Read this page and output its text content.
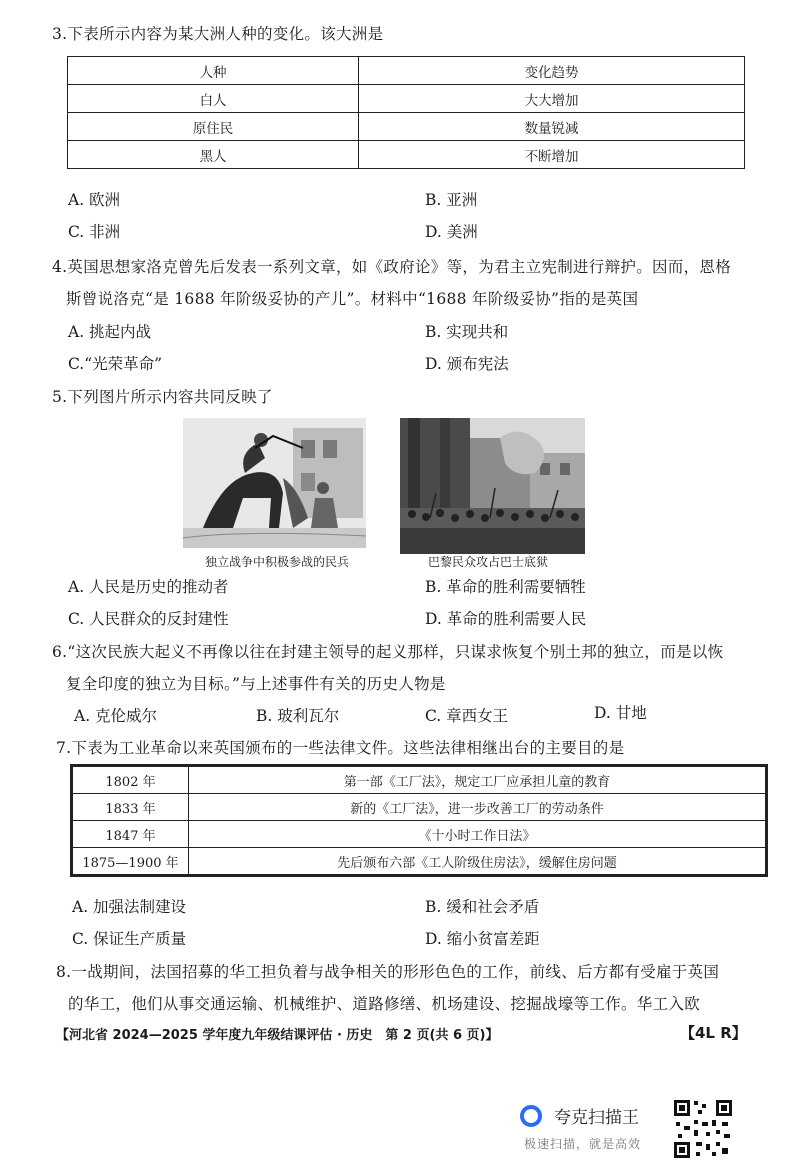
3.下表所示内容为某大洲人种的变化。该大洲是
人种	变化趋势
白人	大大增加
原住民	数量锐减
黑人	不断增加
A. 欧洲	B. 亚洲
C. 非洲	D. 美洲
4.英国思想家洛克曾先后发表一系列文章，如《政府论》等，为君主立宪制进行辩护。因而，恩格
斯曾说洛克“是 1688 年阶级妥协的产儿”。材料中“1688 年阶级妥协”指的是英国
A. 挑起内战	B. 实现共和
C.“光荣革命”	D. 颁布宪法
5.下列图片所示内容共同反映了
独立战争中积极参战的民兵	巴黎民众攻占巴士底狱
A. 人民是历史的推动者	B. 革命的胜利需要牺牲
C. 人民群众的反封建性	D. 革命的胜利需要人民
6.“这次民族大起义不再像以往在封建主领导的起义那样，只谋求恢复个别土邦的独立，而是以恢
复全印度的独立为目标。”与上述事件有关的历史人物是
A. 克伦威尔	B. 玻利瓦尔	C. 章西女王	D. 甘地
7.下表为工业革命以来英国颁布的一些法律文件。这些法律相继出台的主要目的是
1802 年	第一部《工厂法》，规定工厂应承担儿童的教育
1833 年	新的《工厂法》，进一步改善工厂的劳动条件
1847 年	《十小时工作日法》
1875—1900 年	先后颁布六部《工人阶级住房法》，缓解住房问题
A. 加强法制建设	B. 缓和社会矛盾
C. 保证生产质量	D. 缩小贫富差距
8.一战期间，法国招募的华工担负着与战争相关的形形色色的工作，前线、后方都有受雇于英国
的华工，他们从事交通运输、机械维护、道路修缮、机场建设、挖掘战壕等工作。华工入欧
【河北省 2024—2025 学年度九年级结课评估 · 历史　第 2 页(共 6 页)】	【4L R】
夸克扫描王
极速扫描，就是高效
